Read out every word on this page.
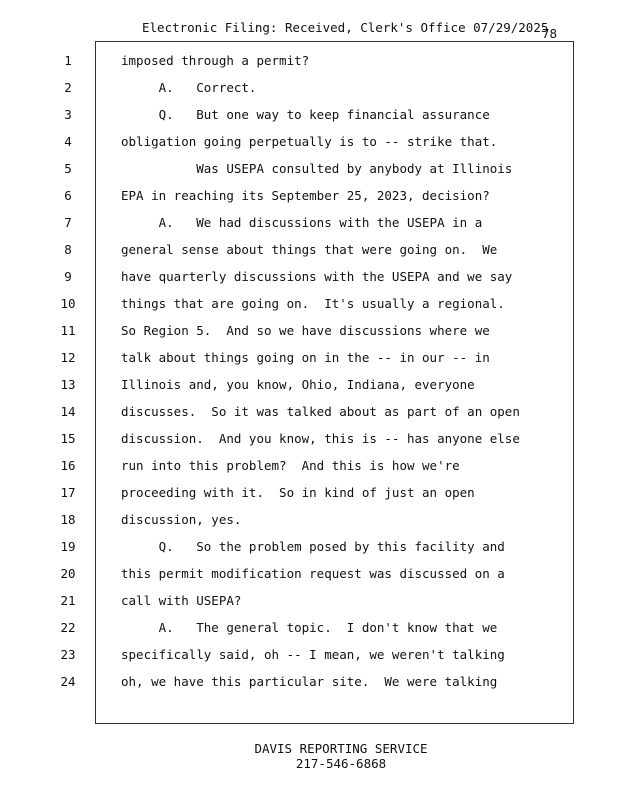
Electronic Filing: Received, Clerk's Office 07/29/2025
78
1	imposed through a permit?
2	A.   Correct.
3	Q.   But one way to keep financial assurance
4	obligation going perpetually is to -- strike that.
5	Was USEPA consulted by anybody at Illinois
6	EPA in reaching its September 25, 2023, decision?
7	A.   We had discussions with the USEPA in a
8	general sense about things that were going on.  We
9	have quarterly discussions with the USEPA and we say
10	things that are going on.  It's usually a regional.
11	So Region 5.  And so we have discussions where we
12	talk about things going on in the -- in our -- in
13	Illinois and, you know, Ohio, Indiana, everyone
14	discusses.  So it was talked about as part of an open
15	discussion.  And you know, this is -- has anyone else
16	run into this problem?  And this is how we're
17	proceeding with it.  So in kind of just an open
18	discussion, yes.
19	Q.   So the problem posed by this facility and
20	this permit modification request was discussed on a
21	call with USEPA?
22	A.   The general topic.  I don't know that we
23	specifically said, oh -- I mean, we weren't talking
24	oh, we have this particular site.  We were talking
DAVIS REPORTING SERVICE
217-546-6868
